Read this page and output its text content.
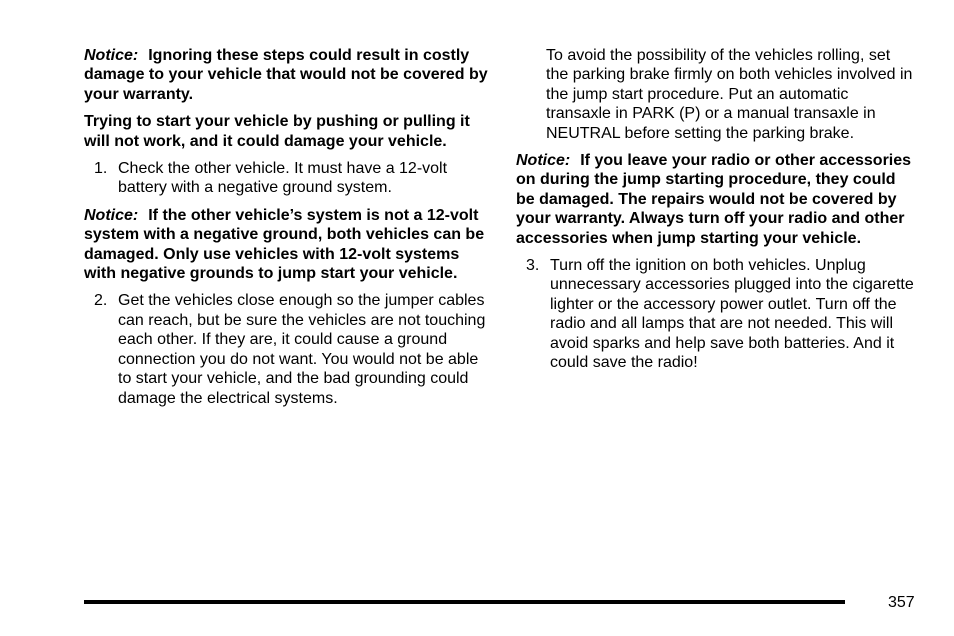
Notice: Ignoring these steps could result in costly damage to your vehicle that would not be covered by your warranty.

Trying to start your vehicle by pushing or pulling it will not work, and it could damage your vehicle.

1. Check the other vehicle. It must have a 12-volt battery with a negative ground system.

Notice: If the other vehicle’s system is not a 12-volt system with a negative ground, both vehicles can be damaged. Only use vehicles with 12-volt systems with negative grounds to jump start your vehicle.

2. Get the vehicles close enough so the jumper cables can reach, but be sure the vehicles are not touching each other. If they are, it could cause a ground connection you do not want. You would not be able to start your vehicle, and the bad grounding could damage the electrical systems.

To avoid the possibility of the vehicles rolling, set the parking brake firmly on both vehicles involved in the jump start procedure. Put an automatic transaxle in PARK (P) or a manual transaxle in NEUTRAL before setting the parking brake.

Notice: If you leave your radio or other accessories on during the jump starting procedure, they could be damaged. The repairs would not be covered by your warranty. Always turn off your radio and other accessories when jump starting your vehicle.

3. Turn off the ignition on both vehicles. Unplug unnecessary accessories plugged into the cigarette lighter or the accessory power outlet. Turn off the radio and all lamps that are not needed. This will avoid sparks and help save both batteries. And it could save the radio!

357
